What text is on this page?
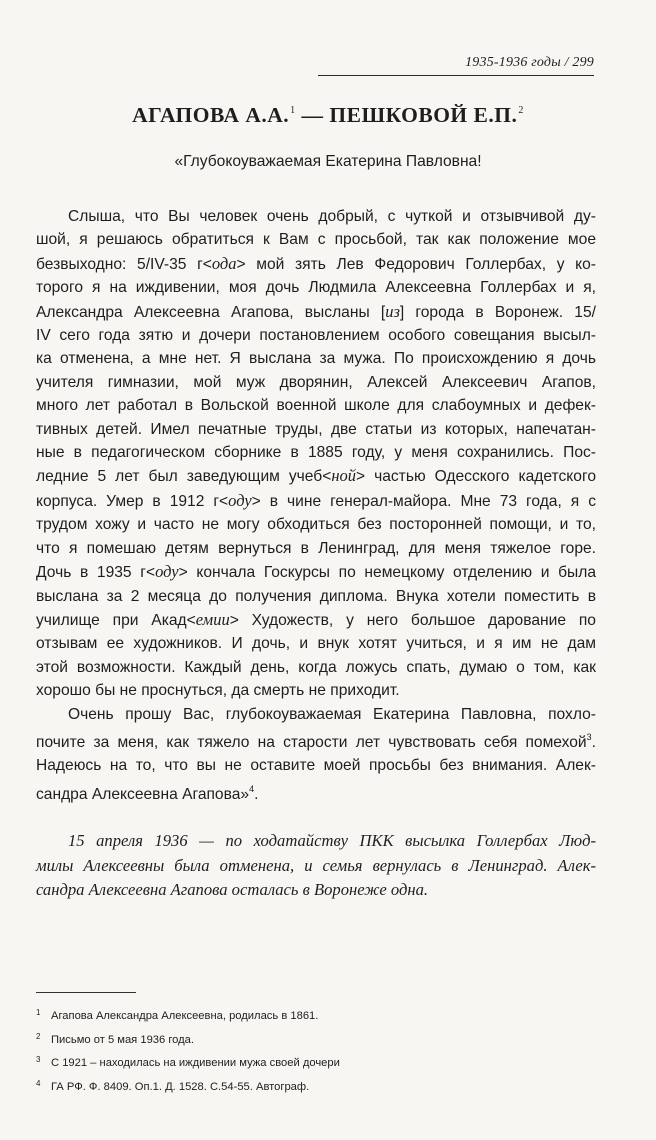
1935-1936 годы / 299
АГАПОВА А.А.$^1$ — ПЕШКОВОЙ Е.П.$^2$
«Глубокоуважаемая Екатерина Павловна!
Слыша, что Вы человек очень добрый, с чуткой и отзывчивой ду-
шой, я решаюсь обратиться к Вам с просьбой, так как положение мое
безвыходно: 5/IV-35 г<ода> мой зять Лев Федорович Голлербах, у ко-
торого я на иждивении, моя дочь Людмила Алексеевна Голлербах и я,
Александра Алексеевна Агапова, высланы [из] города в Воронеж. 15/
IV сего года зятю и дочери постановлением особого совещания высыл-
ка отменена, а мне нет. Я выслана за мужа. По происхождению я дочь
учителя гимназии, мой муж дворянин, Алексей Алексеевич Агапов,
много лет работал в Вольской военной школе для слабоумных и дефек-
тивных детей. Имел печатные труды, две статьи из которых, напечатан-
ные в педагогическом сборнике в 1885 году, у меня сохранились. Пос-
ледние 5 лет был заведующим учеб<ной> частью Одесского кадетского
корпуса. Умер в 1912 г<оду> в чине генерал-майора. Мне 73 года, я с
трудом хожу и часто не могу обходиться без посторонней помощи, и то,
что я помешаю детям вернуться в Ленинград, для меня тяжелое горе.
Дочь в 1935 г<оду> кончала Госкурсы по немецкому отделению и была
выслана за 2 месяца до получения диплома. Внука хотели поместить в
училище при Акад<емии> Художеств, у него большое дарование по
отзывам ее художников. И дочь, и внук хотят учиться, и я им не дам
этой возможности. Каждый день, когда ложусь спать, думаю о том, как
хорошо бы не проснуться, да смерть не приходит.
Очень прошу Вас, глубокоуважаемая Екатерина Павловна, похло-
почите за меня, как тяжело на старости лет чувствовать себя помехой$^3$.
Надеюсь на то, что вы не оставите моей просьбы без внимания. Алек-
сандра Алексеевна Агапова»$^4$.
15 апреля 1936 — по ходатайству ПКК высылка Голлербах Люд-
милы Алексеевны была отменена, и семья вернулась в Ленинград. Алек-
сандра Алексеевна Агапова осталась в Воронеже одна.
1 Агапова Александра Алексеевна, родилась в 1861.
2 Письмо от 5 мая 1936 года.
3 С 1921 – находилась на иждивении мужа своей дочери
4 ГА РФ. Ф. 8409. Оп.1. Д. 1528. С.54-55. Автограф.
